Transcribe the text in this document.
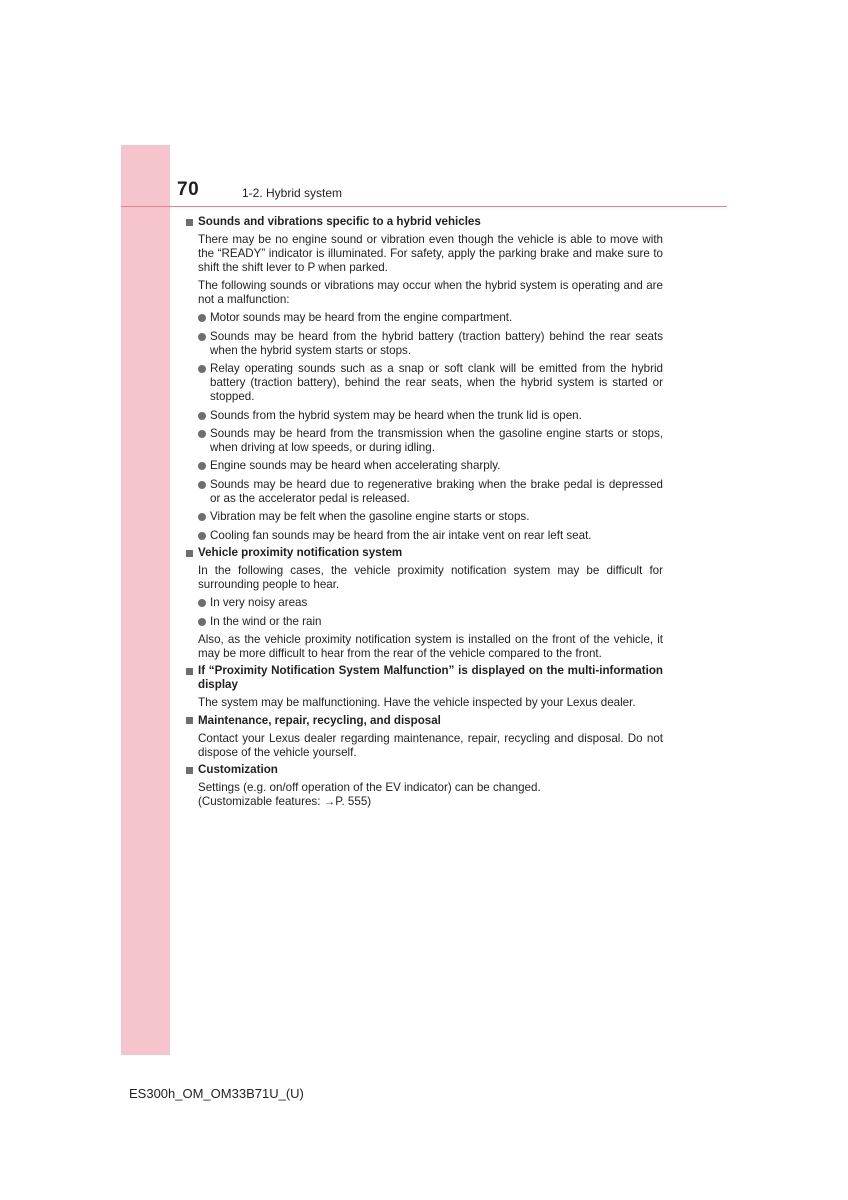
70	1-2. Hybrid system
Sounds and vibrations specific to a hybrid vehicles
There may be no engine sound or vibration even though the vehicle is able to move with the “READY” indicator is illuminated. For safety, apply the parking brake and make sure to shift the shift lever to P when parked.
The following sounds or vibrations may occur when the hybrid system is operating and are not a malfunction:
Motor sounds may be heard from the engine compartment.
Sounds may be heard from the hybrid battery (traction battery) behind the rear seats when the hybrid system starts or stops.
Relay operating sounds such as a snap or soft clank will be emitted from the hybrid battery (traction battery), behind the rear seats, when the hybrid system is started or stopped.
Sounds from the hybrid system may be heard when the trunk lid is open.
Sounds may be heard from the transmission when the gasoline engine starts or stops, when driving at low speeds, or during idling.
Engine sounds may be heard when accelerating sharply.
Sounds may be heard due to regenerative braking when the brake pedal is depressed or as the accelerator pedal is released.
Vibration may be felt when the gasoline engine starts or stops.
Cooling fan sounds may be heard from the air intake vent on rear left seat.
Vehicle proximity notification system
In the following cases, the vehicle proximity notification system may be difficult for surrounding people to hear.
In very noisy areas
In the wind or the rain
Also, as the vehicle proximity notification system is installed on the front of the vehicle, it may be more difficult to hear from the rear of the vehicle compared to the front.
If “Proximity Notification System Malfunction” is displayed on the multi-information display
The system may be malfunctioning. Have the vehicle inspected by your Lexus dealer.
Maintenance, repair, recycling, and disposal
Contact your Lexus dealer regarding maintenance, repair, recycling and disposal. Do not dispose of the vehicle yourself.
Customization
Settings (e.g. on/off operation of the EV indicator) can be changed.
(Customizable features: →P. 555)
ES300h_OM_OM33B71U_(U)
